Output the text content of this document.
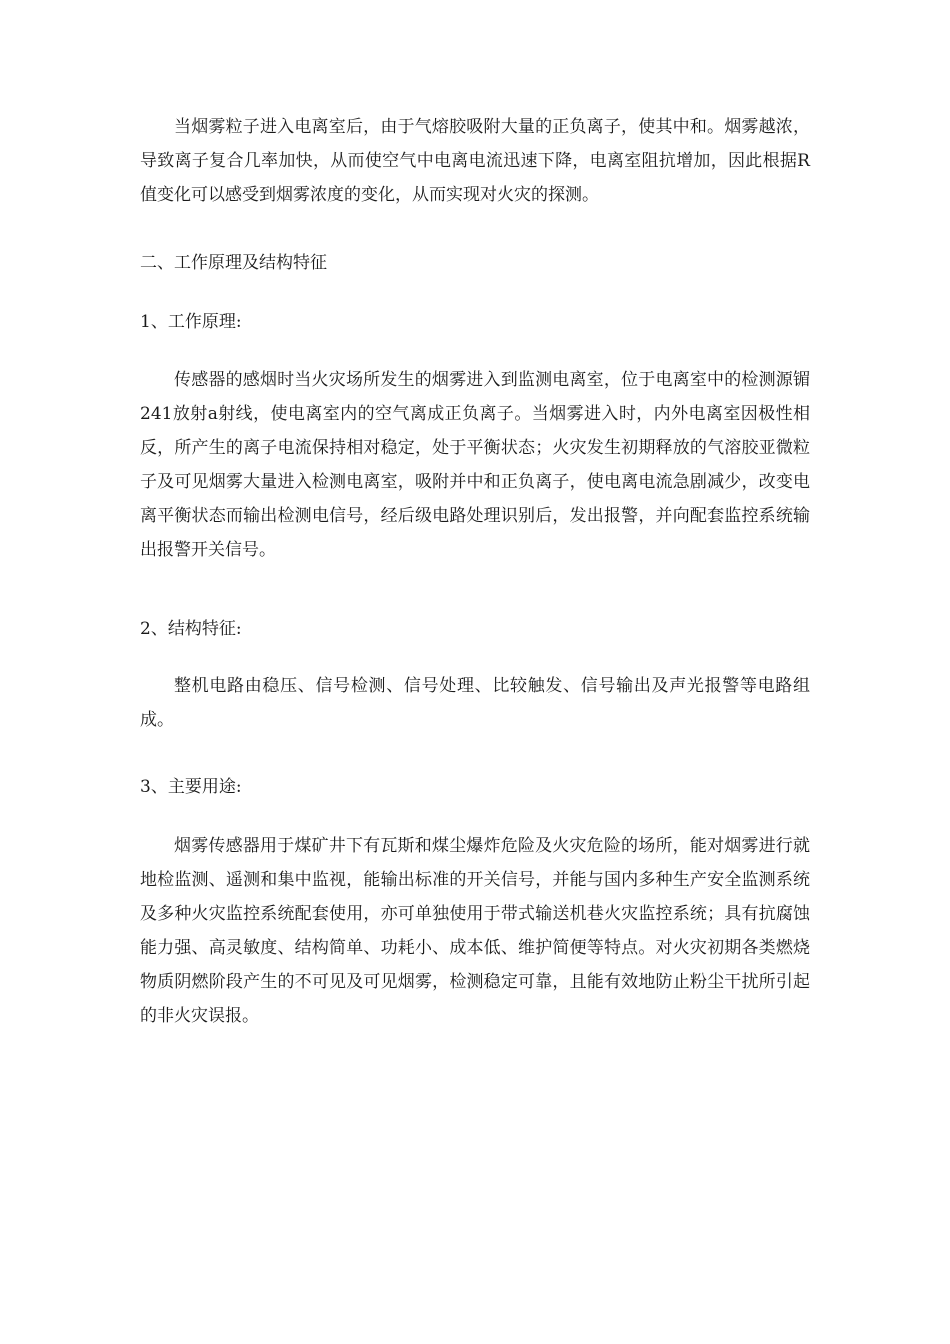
当烟雾粒子进入电离室后，由于气熔胶吸附大量的正负离子，使其中和。烟雾越浓，导致离子复合几率加快，从而使空气中电离电流迅速下降，电离室阻抗增加，因此根据R值变化可以感受到烟雾浓度的变化，从而实现对火灾的探测。

二、工作原理及结构特征

1、工作原理:

传感器的感烟时当火灾场所发生的烟雾进入到监测电离室，位于电离室中的检测源镅241放射a射线，使电离室内的空气离成正负离子。当烟雾进入时，内外电离室因极性相反，所产生的离子电流保持相对稳定，处于平衡状态；火灾发生初期释放的气溶胶亚微粒子及可见烟雾大量进入检测电离室，吸附并中和正负离子，使电离电流急剧减少，改变电离平衡状态而输出检测电信号，经后级电路处理识别后，发出报警，并向配套监控系统输出报警开关信号。

2、结构特征:

整机电路由稳压、信号检测、信号处理、比较触发、信号输出及声光报警等电路组成。

3、主要用途:

烟雾传感器用于煤矿井下有瓦斯和煤尘爆炸危险及火灾危险的场所，能对烟雾进行就地检监测、遥测和集中监视，能输出标准的开关信号，并能与国内多种生产安全监测系统及多种火灾监控系统配套使用，亦可单独使用于带式输送机巷火灾监控系统；具有抗腐蚀能力强、高灵敏度、结构简单、功耗小、成本低、维护简便等特点。对火灾初期各类燃烧物质阴燃阶段产生的不可见及可见烟雾，检测稳定可靠，且能有效地防止粉尘干扰所引起的非火灾误报。
